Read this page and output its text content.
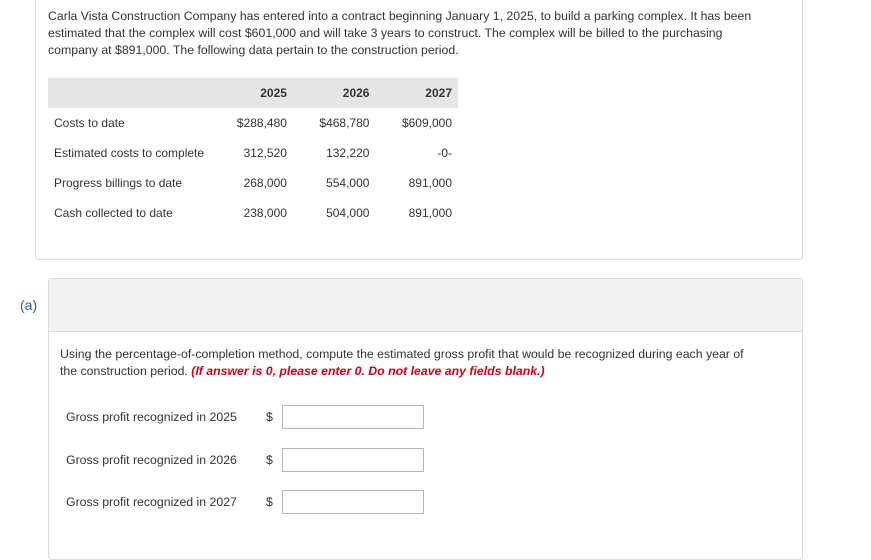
Carla Vista Construction Company has entered into a contract beginning January 1, 2025, to build a parking complex. It has been
estimated that the complex will cost $601,000 and will take 3 years to construct. The complex will be billed to the purchasing
company at $891,000. The following data pertain to the construction period.
	2025	2026	2027
Costs to date	$288,480	$468,780	$609,000
Estimated costs to complete	312,520	132,220	-0-
Progress billings to date	268,000	554,000	891,000
Cash collected to date	238,000	504,000	891,000
(a)
Using the percentage-of-completion method, compute the estimated gross profit that would be recognized during each year of
the construction period. (If answer is 0, please enter 0. Do not leave any fields blank.)
Gross profit recognized in 2025 $
Gross profit recognized in 2026 $
Gross profit recognized in 2027 $
